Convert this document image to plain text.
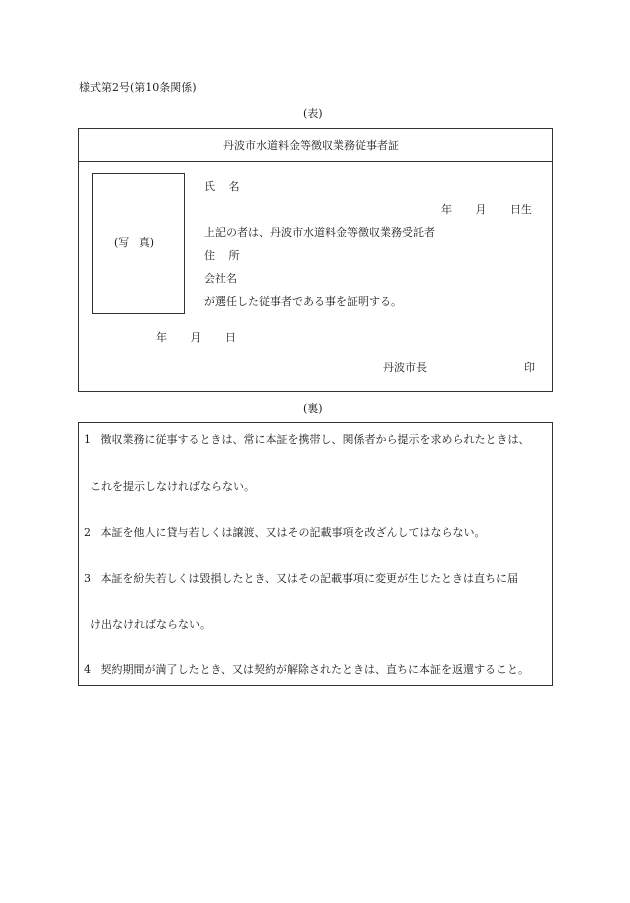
様式第2号(第10条関係)
(表)
丹波市水道料金等徴収業務従事者証
(写 真)
氏 名
年 月 日生
上記の者は、丹波市水道料金等徴収業務受託者
住 所
会社名
が選任した従事者である事を証明する。
年 月 日
丹波市長	印
(裏)
1 徴収業務に従事するときは、常に本証を携帯し、関係者から提示を求められたときは、
これを提示しなければならない。
2 本証を他人に貸与若しくは譲渡、又はその記載事項を改ざんしてはならない。
3 本証を紛失若しくは毀損したとき、又はその記載事項に変更が生じたときは直ちに届
け出なければならない。
4 契約期間が満了したとき、又は契約が解除されたときは、直ちに本証を返還すること。
